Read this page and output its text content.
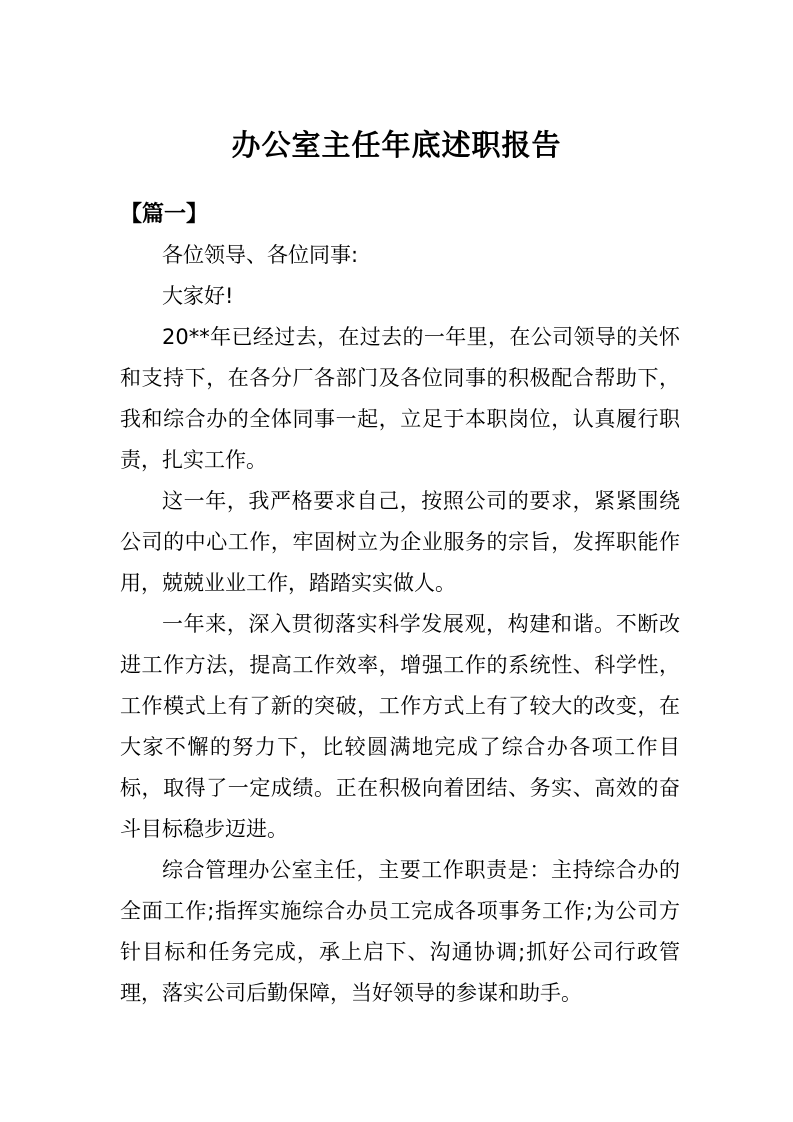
办公室主任年底述职报告

【篇一】

各位领导、各位同事:

大家好!

20**年已经过去，在过去的一年里，在公司领导的关怀和支持下，在各分厂各部门及各位同事的积极配合帮助下，我和综合办的全体同事一起，立足于本职岗位，认真履行职责，扎实工作。

这一年，我严格要求自己，按照公司的要求，紧紧围绕公司的中心工作，牢固树立为企业服务的宗旨，发挥职能作用，兢兢业业工作，踏踏实实做人。

一年来，深入贯彻落实科学发展观，构建和谐。不断改进工作方法，提高工作效率，增强工作的系统性、科学性，工作模式上有了新的突破，工作方式上有了较大的改变，在大家不懈的努力下，比较圆满地完成了综合办各项工作目标，取得了一定成绩。正在积极向着团结、务实、高效的奋斗目标稳步迈进。

综合管理办公室主任，主要工作职责是：主持综合办的全面工作;指挥实施综合办员工完成各项事务工作;为公司方针目标和任务完成，承上启下、沟通协调;抓好公司行政管理，落实公司后勤保障，当好领导的参谋和助手。
